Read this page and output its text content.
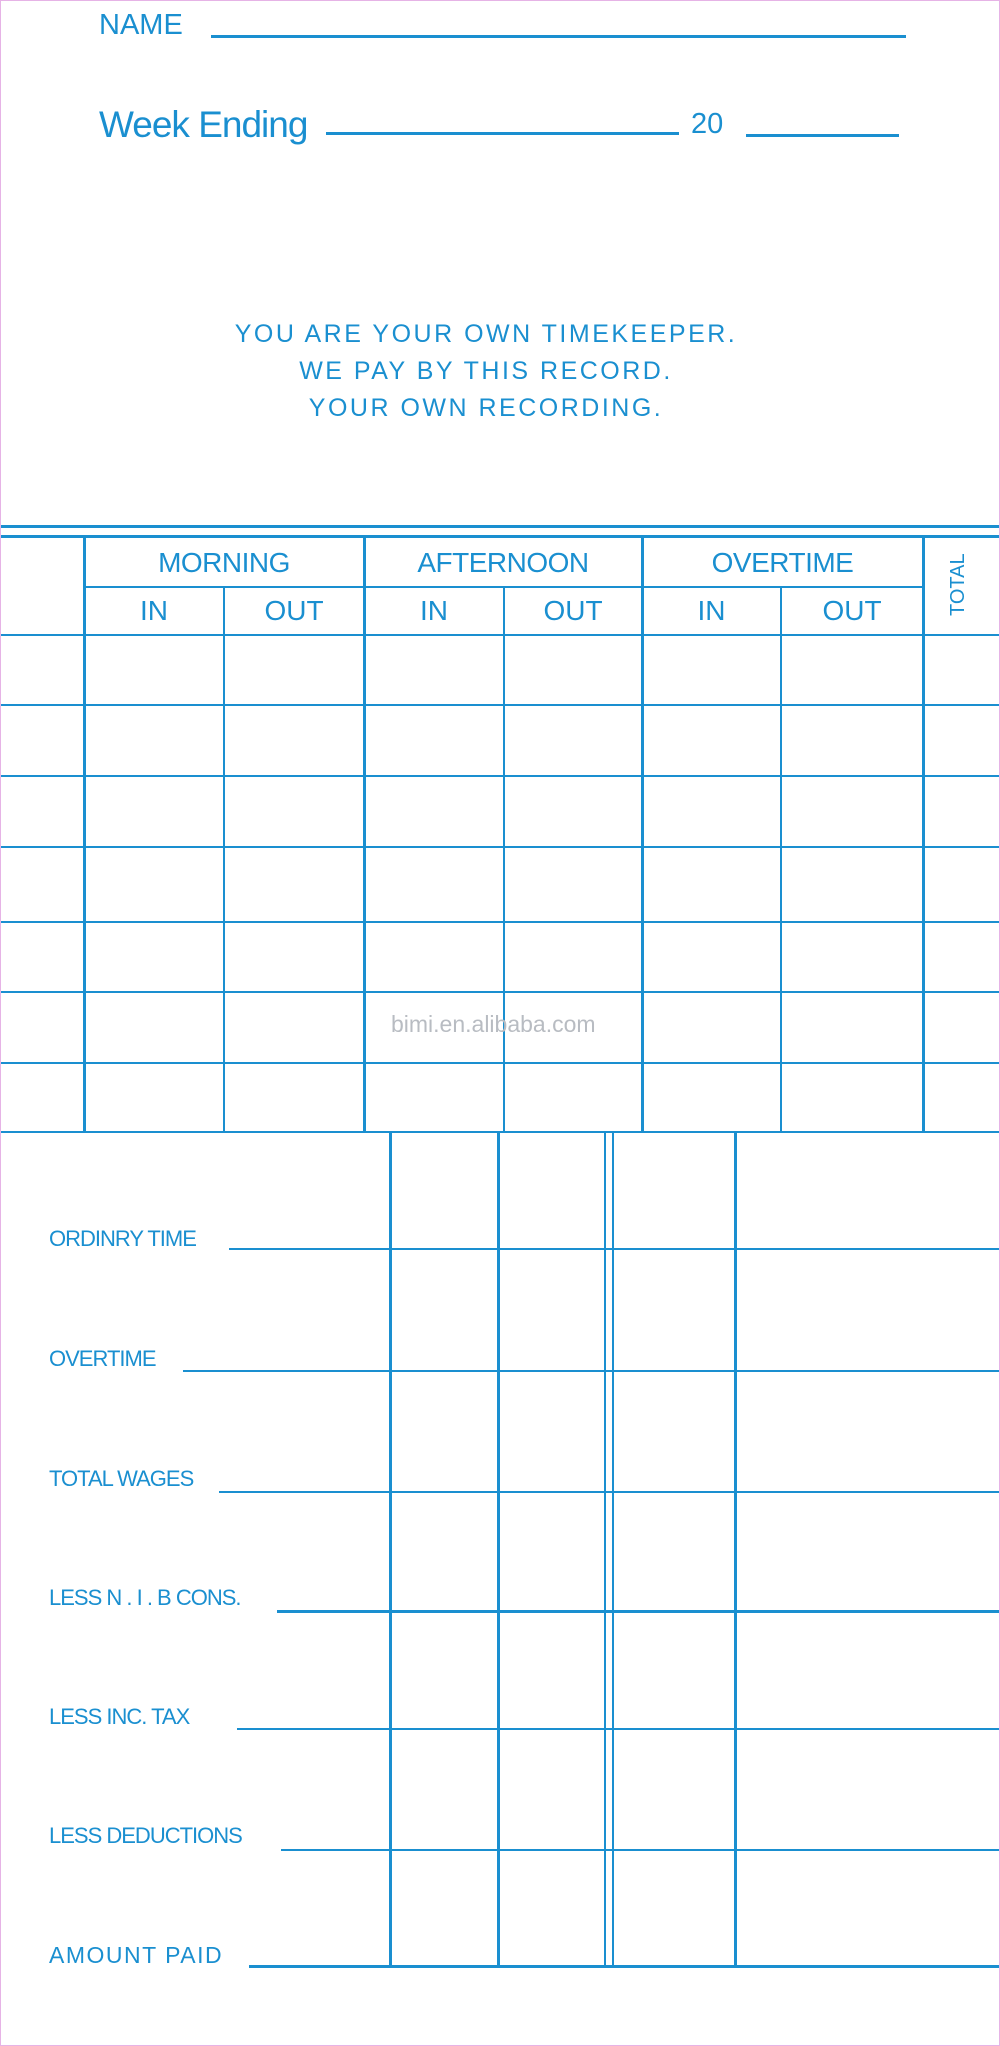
NAME
Week Ending	20
YOU ARE YOUR OWN TIMEKEEPER.
WE PAY BY THIS RECORD.
YOUR OWN RECORDING.
MORNING	AFTERNOON	OVERTIME
IN	OUT	IN	OUT	IN	OUT	TOTAL
bimi.en.alibaba.com
ORDINRY TIME
OVERTIME
TOTAL WAGES
LESS N . I . B CONS.
LESS INC. TAX
LESS DEDUCTIONS
AMOUNT PAID
